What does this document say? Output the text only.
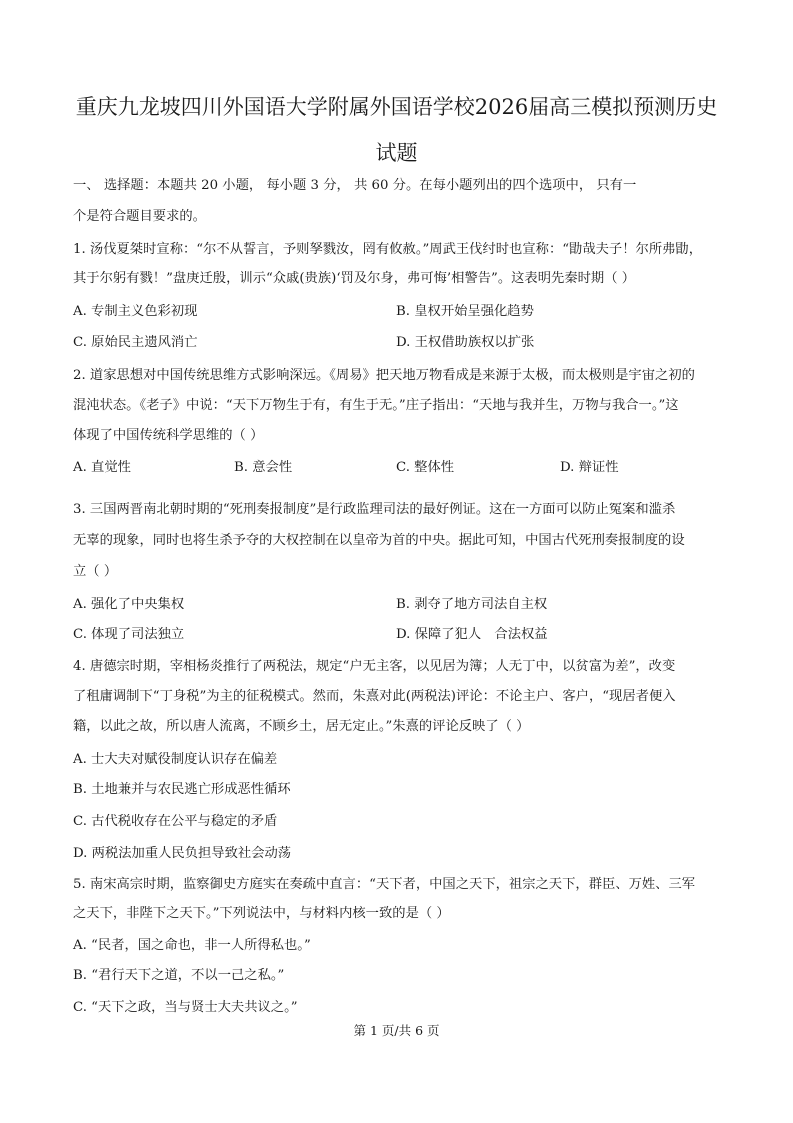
重庆九龙坡四川外国语大学附属外国语学校2026届高三模拟预测历史
试题
一、 选择题：本题共 20 小题， 每小题 3 分， 共 60 分。在每小题列出的四个选项中， 只有一
个是符合题目要求的。
1. 汤伐夏桀时宣称：“尔不从誓言，予则孥戮汝，罔有攸赦。”周武王伐纣时也宣称：“勖哉夫子！尔所弗勖，
其于尔躬有戮！”盘庚迁殷，训示“众戚(贵族)‘罚及尔身，弗可悔’相警告”。这表明先秦时期（ ）
A. 专制主义色彩初现	B. 皇权开始呈强化趋势
C. 原始民主遗风消亡	D. 王权借助族权以扩张
2. 道家思想对中国传统思维方式影响深远。《周易》把天地万物看成是来源于太极，而太极则是宇宙之初的
混沌状态。《老子》中说：“天下万物生于有，有生于无。”庄子指出：“天地与我并生，万物与我合一。”这
体现了中国传统科学思维的（ ）
A. 直觉性	B. 意会性	C. 整体性	D. 辩证性
3. 三国两晋南北朝时期的“死刑奏报制度”是行政监理司法的最好例证。这在一方面可以防止冤案和滥杀
无辜的现象，同时也将生杀予夺的大权控制在以皇帝为首的中央。据此可知，中国古代死刑奏报制度的设
立（ ）
A. 强化了中央集权	B. 剥夺了地方司法自主权
C. 体现了司法独立	D. 保障了犯人　合法权益
4. 唐德宗时期，宰相杨炎推行了两税法，规定“户无主客，以见居为簿；人无丁中，以贫富为差”，改变
了租庸调制下“丁身税”为主的征税模式。然而，朱熹对此(两税法)评论：不论主户、客户，“现居者便入
籍，以此之故，所以唐人流离，不顾乡土，居无定止。”朱熹的评论反映了（ ）
A. 士大夫对赋役制度认识存在偏差
B. 土地兼并与农民逃亡形成恶性循环
C. 古代税收存在公平与稳定的矛盾
D. 两税法加重人民负担导致社会动荡
5. 南宋高宗时期，监察御史方庭实在奏疏中直言：“天下者，中国之天下，祖宗之天下，群臣、万姓、三军
之天下，非陛下之天下。”下列说法中，与材料内核一致的是（ ）
A. “民者，国之命也，非一人所得私也。”
B. “君行天下之道，不以一己之私。”
C. “天下之政，当与贤士大夫共议之。”
第 1 页/共 6 页
